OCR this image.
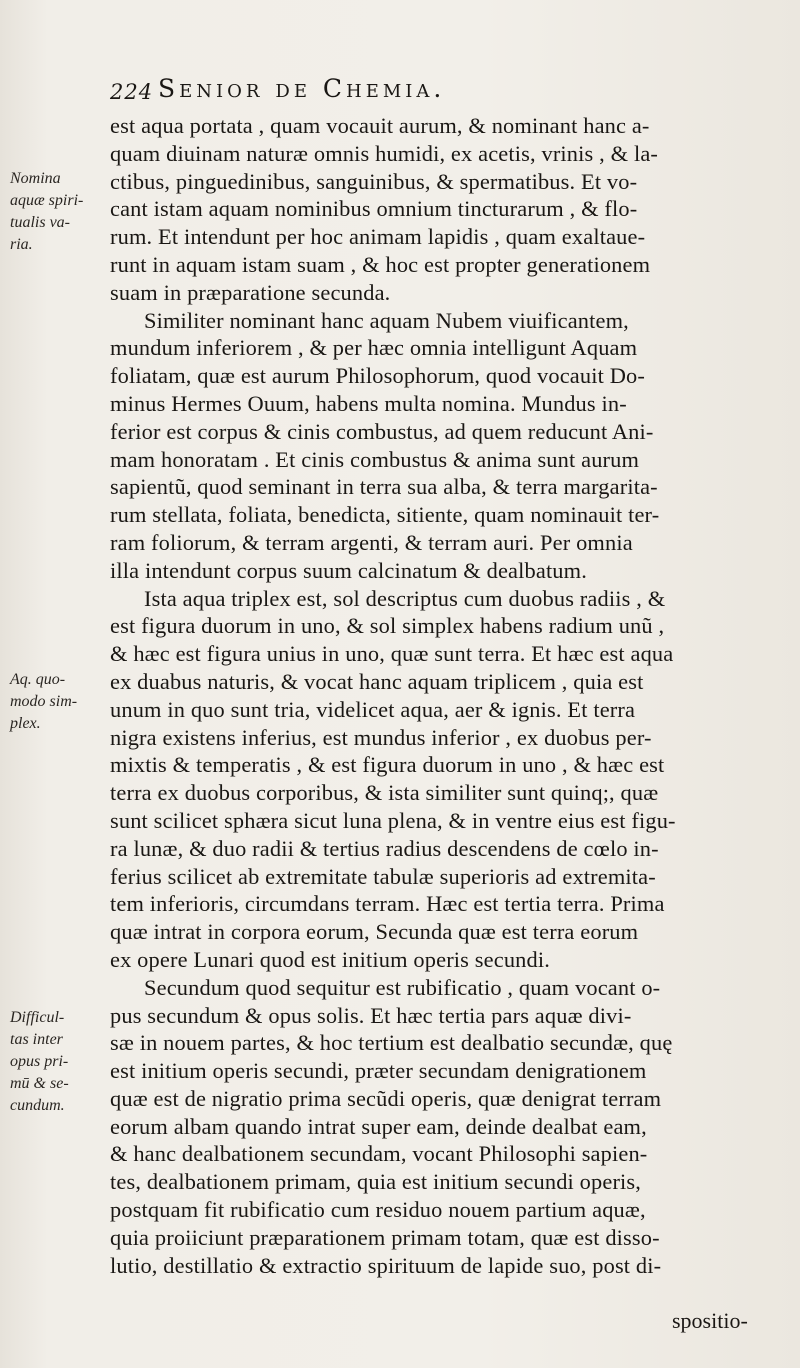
224 Senior de Chemia.
Nomina
aquæ spiri-
tualis va-
ria.
Aq. quo-
modo sim-
plex.
Difficul-
tas inter
opus pri-
mū & se-
cundum.
est aqua portata , quam vocauit aurum, & nominant hanc a-
quam diuinam naturæ omnis humidi, ex acetis, vrinis , & la-
ctibus, pinguedinibus, sanguinibus, & spermatibus. Et vo-
cant istam aquam nominibus omnium tincturarum , & flo-
rum. Et intendunt per hoc animam lapidis , quam exaltaue-
runt in aquam istam suam , & hoc est propter generationem
suam in præparatione secunda.
Similiter nominant hanc aquam Nubem viuificantem,
mundum inferiorem , & per hæc omnia intelligunt Aquam
foliatam, quæ est aurum Philosophorum, quod vocauit Do-
minus Hermes Ouum, habens multa nomina. Mundus in-
ferior est corpus & cinis combustus, ad quem reducunt Ani-
mam honoratam . Et cinis combustus & anima sunt aurum
sapientũ, quod seminant in terra sua alba, & terra margarita-
rum stellata, foliata, benedicta, sitiente, quam nominauit ter-
ram foliorum, & terram argenti, & terram auri. Per omnia
illa intendunt corpus suum calcinatum & dealbatum.
Ista aqua triplex est, sol descriptus cum duobus radiis , &
est figura duorum in uno, & sol simplex habens radium unũ ,
& hæc est figura unius in uno, quæ sunt terra. Et hæc est aqua
ex duabus naturis, & vocat hanc aquam triplicem , quia est
unum in quo sunt tria, videlicet aqua, aer & ignis. Et terra
nigra existens inferius, est mundus inferior , ex duobus per-
mixtis & temperatis , & est figura duorum in uno , & hæc est
terra ex duobus corporibus, & ista similiter sunt quinq;, quæ
sunt scilicet sphæra sicut luna plena, & in ventre eius est figu-
ra lunæ, & duo radii & tertius radius descendens de cœlo in-
ferius scilicet ab extremitate tabulæ superioris ad extremita-
tem inferioris, circumdans terram. Hæc est tertia terra. Prima
quæ intrat in corpora eorum, Secunda quæ est terra eorum
ex opere Lunari quod est initium operis secundi.
Secundum quod sequitur est rubificatio , quam vocant o-
pus secundum & opus solis. Et hæc tertia pars aquæ divi-
sæ in nouem partes, & hoc tertium est dealbatio secundæ, quę
est initium operis secundi, præter secundam denigrationem
quæ est de nigratio prima secũdi operis, quæ denigrat terram
eorum albam quando intrat super eam, deinde dealbat eam,
& hanc dealbationem secundam, vocant Philosophi sapien-
tes, dealbationem primam, quia est initium secundi operis,
postquam fit rubificatio cum residuo nouem partium aquæ,
quia proiiciunt præparationem primam totam, quæ est disso-
lutio, destillatio & extractio spirituum de lapide suo, post di-
spositio-
